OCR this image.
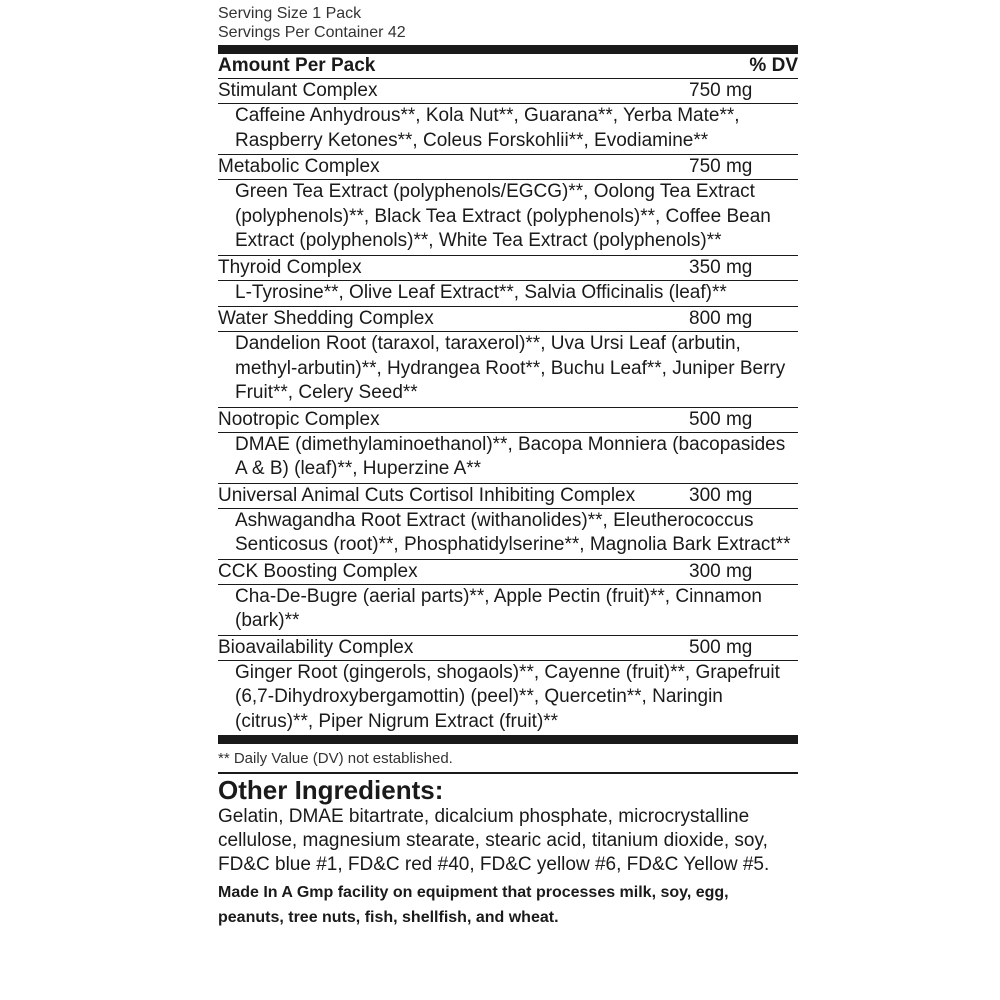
Serving Size 1 Pack
Servings Per Container 42
Amount Per Pack	% DV
Stimulant Complex	750 mg
Caffeine Anhydrous**, Kola Nut**, Guarana**, Yerba Mate**, Raspberry Ketones**, Coleus Forskohlii**, Evodiamine**
Metabolic Complex	750 mg
Green Tea Extract (polyphenols/EGCG)**, Oolong Tea Extract (polyphenols)**, Black Tea Extract (polyphenols)**, Coffee Bean Extract (polyphenols)**, White Tea Extract (polyphenols)**
Thyroid Complex	350 mg
L-Tyrosine**, Olive Leaf Extract**, Salvia Officinalis (leaf)**
Water Shedding Complex	800 mg
Dandelion Root (taraxol, taraxerol)**, Uva Ursi Leaf (arbutin, methyl-arbutin)**, Hydrangea Root**, Buchu Leaf**, Juniper Berry Fruit**, Celery Seed**
Nootropic Complex	500 mg
DMAE (dimethylaminoethanol)**, Bacopa Monniera (bacopasides A & B) (leaf)**, Huperzine A**
Universal Animal Cuts Cortisol Inhibiting Complex	300 mg
Ashwagandha Root Extract (withanolides)**, Eleutherococcus Senticosus (root)**, Phosphatidylserine**, Magnolia Bark Extract**
CCK Boosting Complex	300 mg
Cha-De-Bugre (aerial parts)**, Apple Pectin (fruit)**, Cinnamon (bark)**
Bioavailability Complex	500 mg
Ginger Root (gingerols, shogaols)**, Cayenne (fruit)**, Grapefruit (6,7-Dihydroxybergamottin) (peel)**, Quercetin**, Naringin (citrus)**, Piper Nigrum Extract (fruit)**
** Daily Value (DV) not established.
Other Ingredients:
Gelatin, DMAE bitartrate, dicalcium phosphate, microcrystalline cellulose, magnesium stearate, stearic acid, titanium dioxide, soy, FD&C blue #1, FD&C red #40, FD&C yellow #6, FD&C Yellow #5.
Made In A Gmp facility on equipment that processes milk, soy, egg, peanuts, tree nuts, fish, shellfish, and wheat.
